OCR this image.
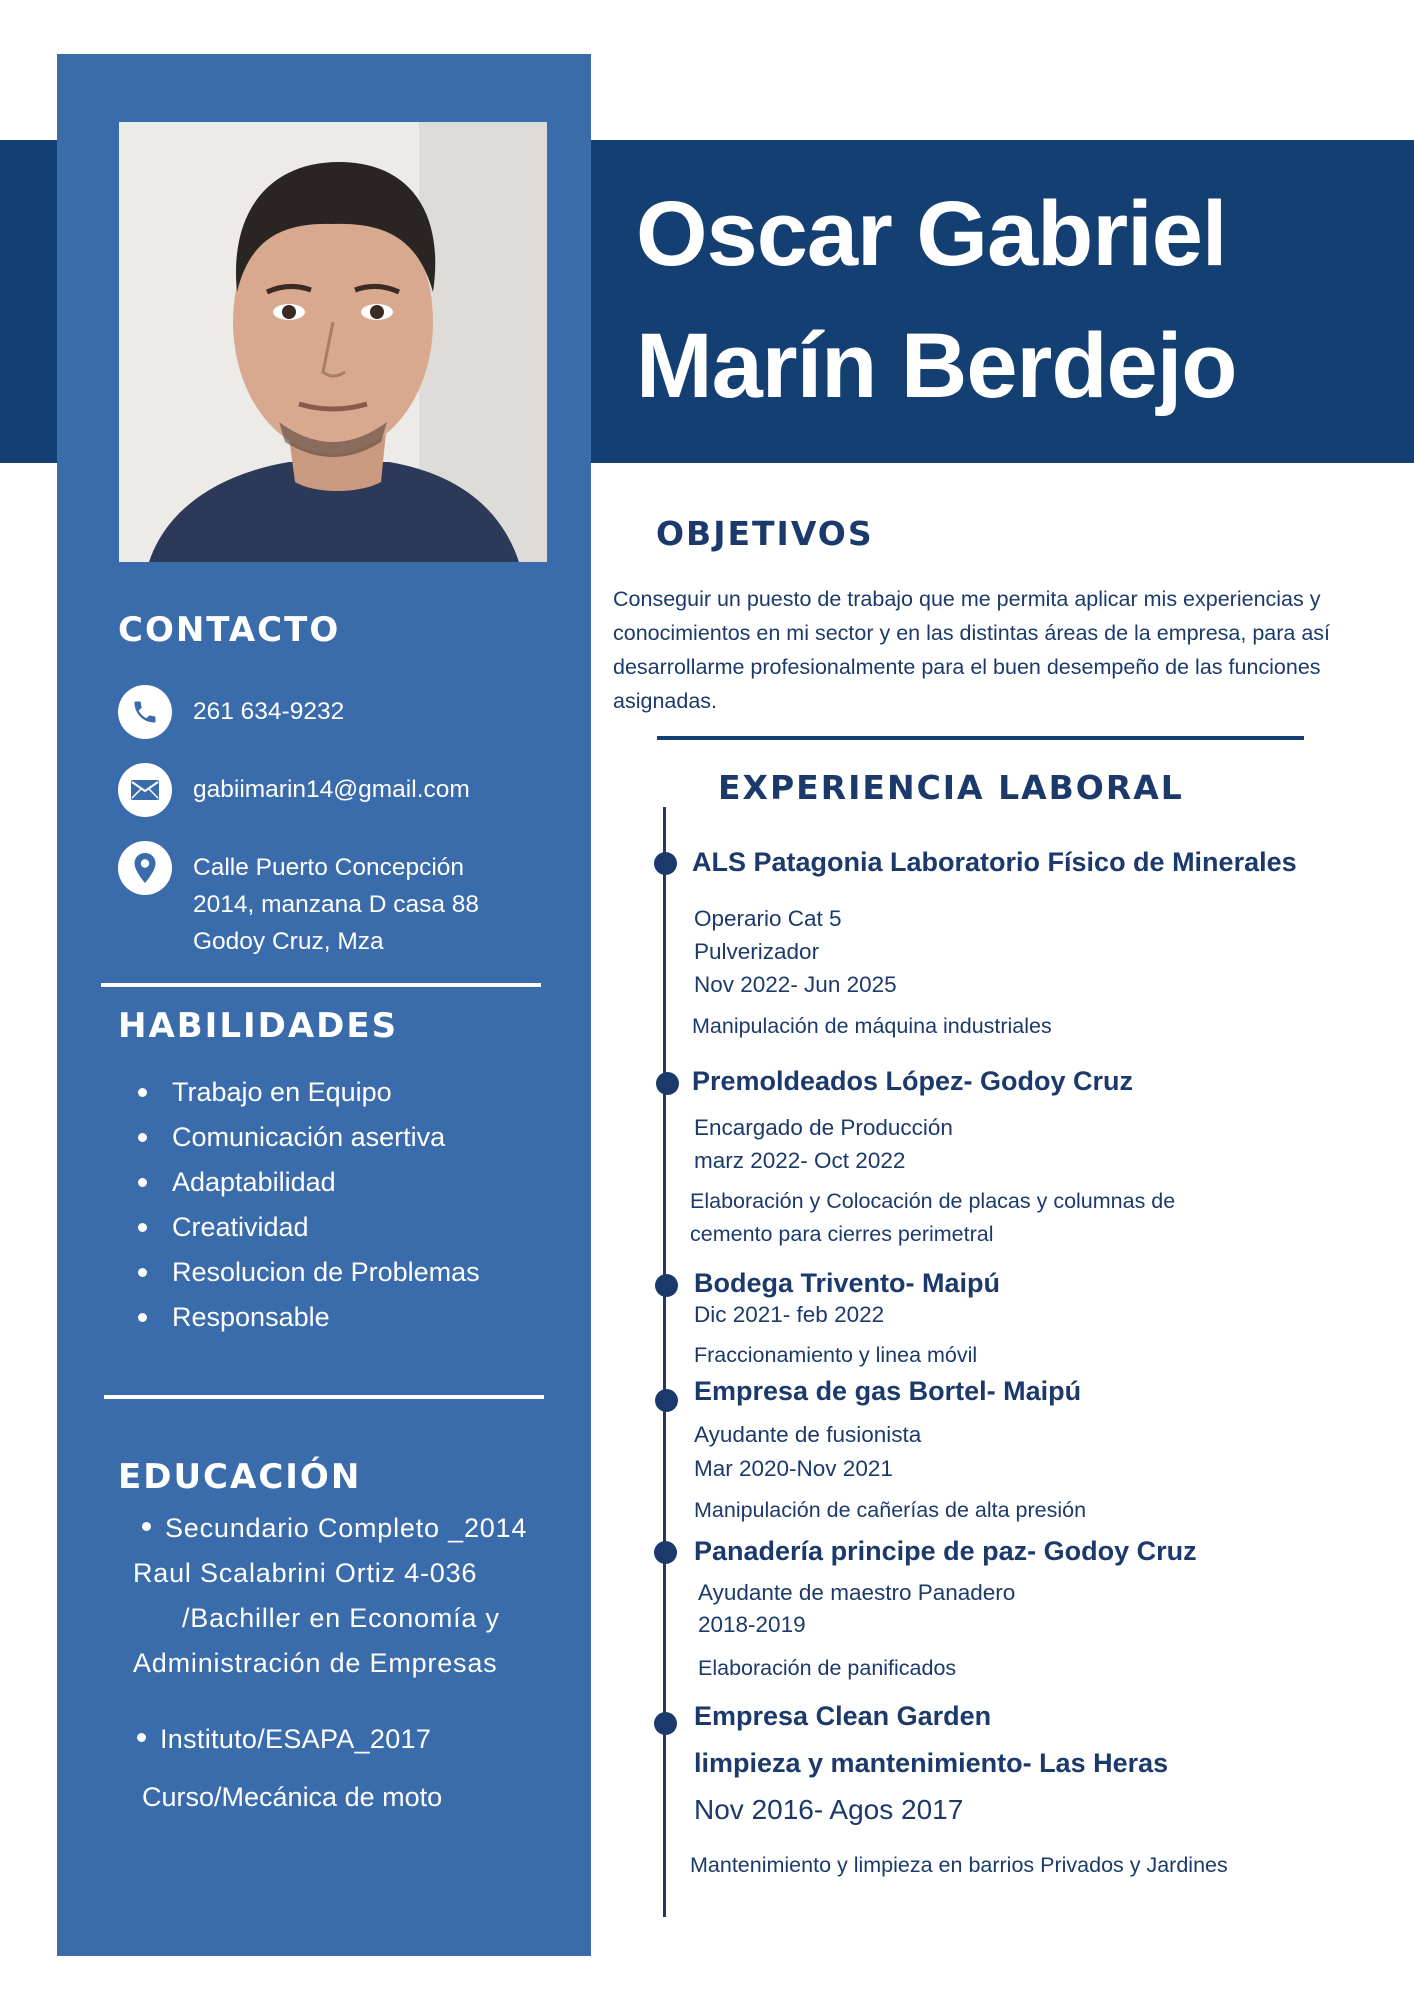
Oscar Gabriel
Marín Berdejo
CONTACTO
261 634-9232
gabiimarin14@gmail.com
Calle Puerto Concepción
2014, manzana D casa 88
Godoy Cruz, Mza
HABILIDADES
Trabajo en Equipo
Comunicación asertiva
Adaptabilidad
Creatividad
Resolucion de Problemas
Responsable
EDUCACIÓN
Secundario Completo _2014
Raul Scalabrini Ortiz 4-036
/Bachiller en Economía y
Administración de Empresas
Instituto/ESAPA_2017
Curso/Mecánica de moto
OBJETIVOS
Conseguir un puesto de trabajo que me permita aplicar mis experiencias y conocimientos en mi sector y en las distintas áreas de la empresa, para así desarrollarme profesionalmente para el buen desempeño de las funciones asignadas.
EXPERIENCIA LABORAL
ALS Patagonia Laboratorio Físico de Minerales
Operario Cat 5
Pulverizador
Nov 2022- Jun 2025
Manipulación de máquina industriales
Premoldeados López- Godoy Cruz
Encargado de Producción
marz 2022- Oct 2022
Elaboración y Colocación de placas y columnas de
cemento para cierres perimetral
Bodega Trivento- Maipú
Dic 2021- feb 2022
Fraccionamiento y linea móvil
Empresa de gas Bortel- Maipú
Ayudante de fusionista
Mar 2020-Nov 2021
Manipulación de cañerías de alta presión
Panadería principe de paz- Godoy Cruz
Ayudante de maestro Panadero
2018-2019
Elaboración de panificados
Empresa Clean Garden
limpieza y mantenimiento- Las Heras
Nov 2016- Agos 2017
Mantenimiento y limpieza en barrios Privados y Jardines
